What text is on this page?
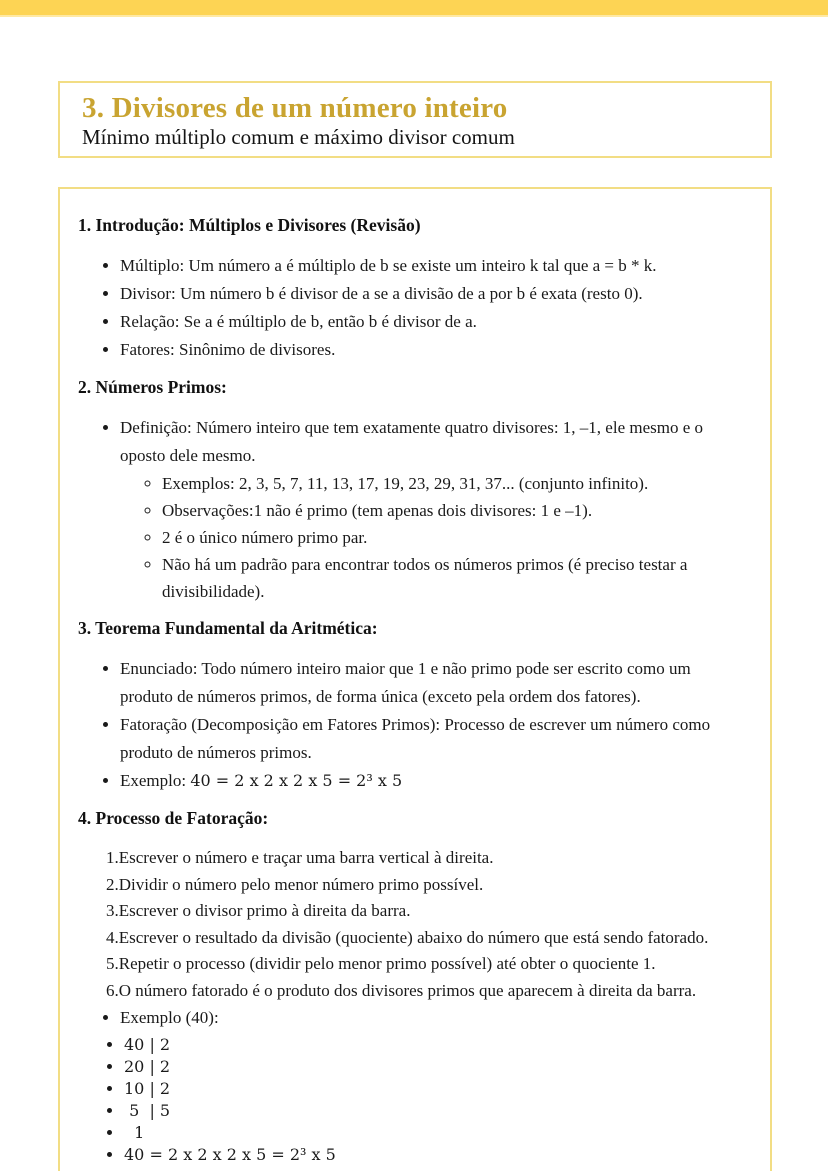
3. Divisores de um número inteiro
Mínimo múltiplo comum e máximo divisor comum
1. Introdução: Múltiplos e Divisores (Revisão)
• Múltiplo: Um número a é múltiplo de b se existe um inteiro k tal que a = b * k.
• Divisor: Um número b é divisor de a se a divisão de a por b é exata (resto 0).
• Relação: Se a é múltiplo de b, então b é divisor de a.
• Fatores: Sinônimo de divisores.
2. Números Primos:
• Definição: Número inteiro que tem exatamente quatro divisores: 1, –1, ele mesmo e o oposto dele mesmo.
◦ Exemplos: 2, 3, 5, 7, 11, 13, 17, 19, 23, 29, 31, 37... (conjunto infinito).
◦ Observações:1 não é primo (tem apenas dois divisores: 1 e –1).
◦ 2 é o único número primo par.
◦ Não há um padrão para encontrar todos os números primos (é preciso testar a divisibilidade).
3. Teorema Fundamental da Aritmética:
• Enunciado: Todo número inteiro maior que 1 e não primo pode ser escrito como um produto de números primos, de forma única (exceto pela ordem dos fatores).
• Fatoração (Decomposição em Fatores Primos): Processo de escrever um número como produto de números primos.
• Exemplo: 40 = 2 x 2 x 2 x 5 = 2³ x 5
4. Processo de Fatoração:
Escrever o número e traçar uma barra vertical à direita.
Dividir o número pelo menor número primo possível.
Escrever o divisor primo à direita da barra.
Escrever o resultado da divisão (quociente) abaixo do número que está sendo fatorado.
Repetir o processo (dividir pelo menor primo possível) até obter o quociente 1.
O número fatorado é o produto dos divisores primos que aparecem à direita da barra.
• Exemplo (40):
• 40 | 2
• 20 | 2
• 10 | 2
•  5  | 5
•   1
• 40 = 2 x 2 x 2 x 5 = 2³ x 5
